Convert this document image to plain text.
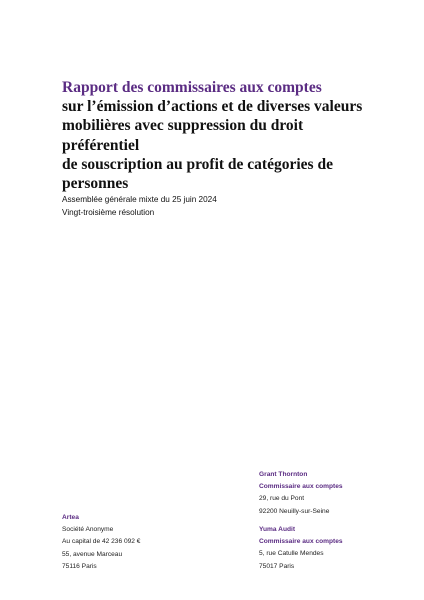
Rapport des commissaires aux comptes
sur l’émission d’actions et de diverses valeurs
mobilières avec suppression du droit préférentiel
de souscription au profit de catégories de
personnes
Assemblée générale mixte du 25 juin 2024
Vingt-troisième résolution
Grant Thornton
Commissaire aux comptes
29, rue du Pont
92200 Neuilly-sur-Seine
Artea
Société Anonyme
Au capital de 42 236 092 €
55, avenue Marceau
75116 Paris
Yuma Audit
Commissaire aux comptes
5, rue Catulle Mendes
75017 Paris
